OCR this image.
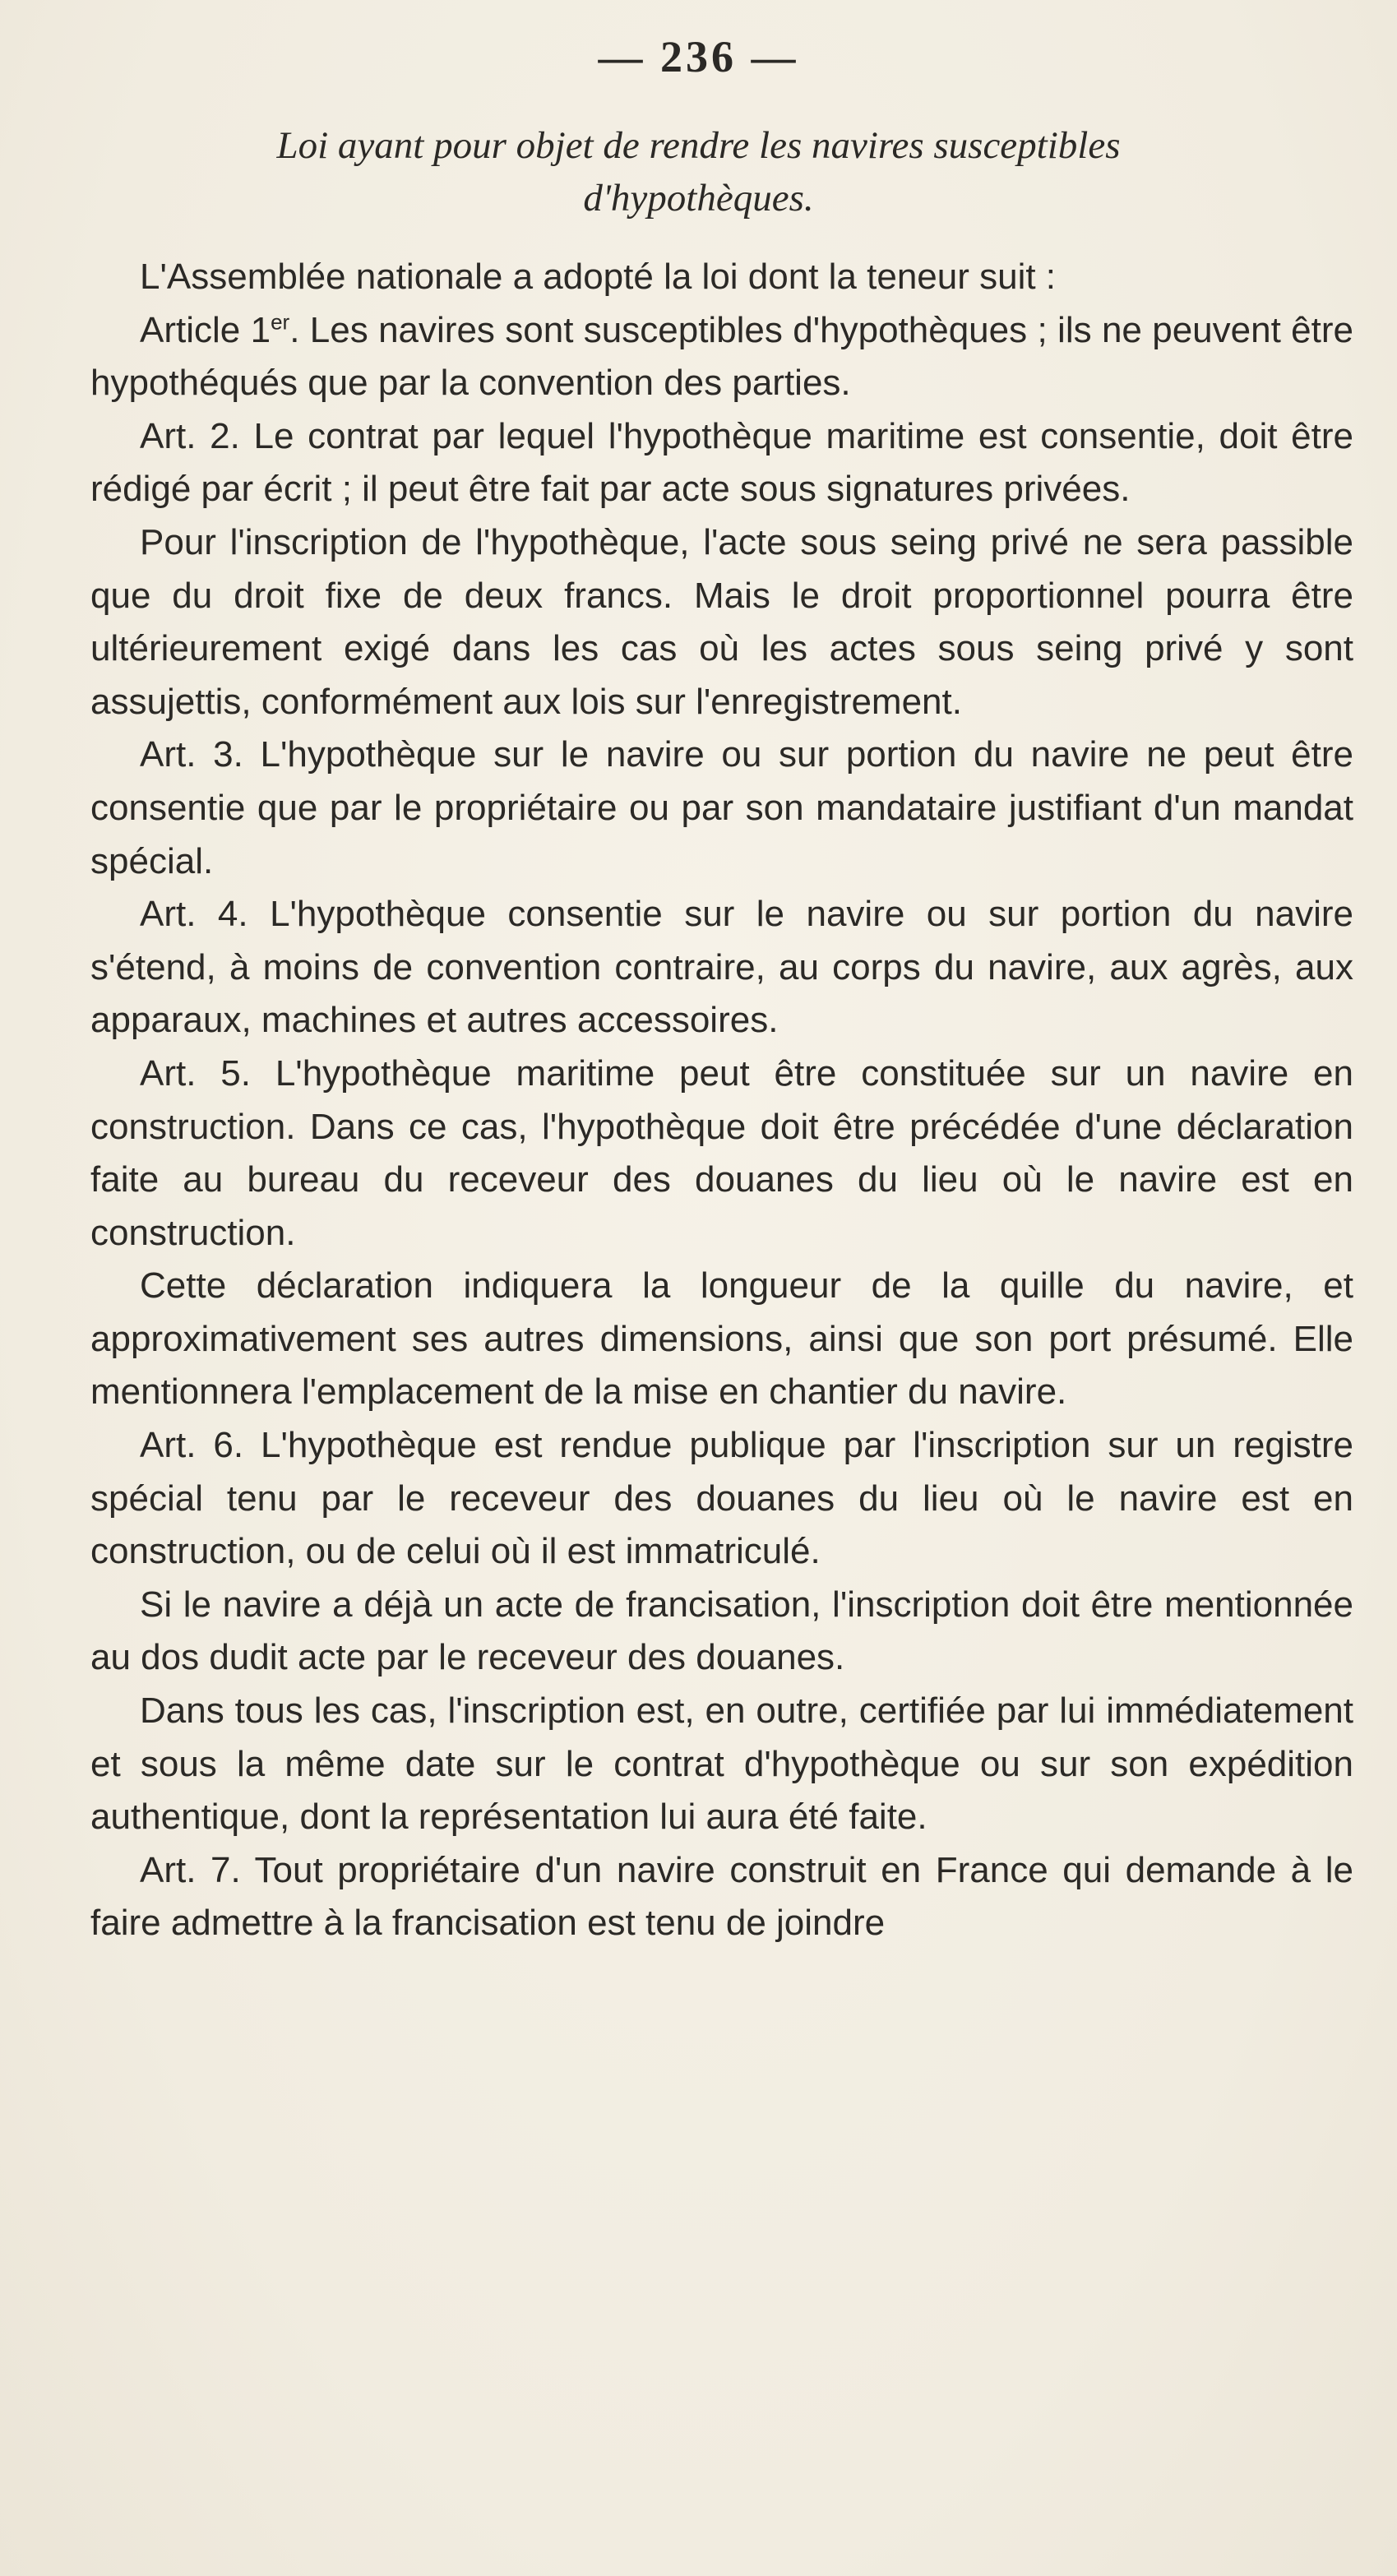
— 236 —
Loi ayant pour objet de rendre les navires susceptibles
d'hypothèques.

L'Assemblée nationale a adopté la loi dont la teneur suit :

Article 1er. Les navires sont susceptibles d'hypothèques ; ils ne peuvent être hypothéqués que par la convention des parties.

Art. 2. Le contrat par lequel l'hypothèque maritime est consentie, doit être rédigé par écrit ; il peut être fait par acte sous signatures privées.

Pour l'inscription de l'hypothèque, l'acte sous seing privé ne sera passible que du droit fixe de deux francs. Mais le droit proportionnel pourra être ultérieurement exigé dans les cas où les actes sous seing privé y sont assujettis, conformément aux lois sur l'enregistrement.

Art. 3. L'hypothèque sur le navire ou sur portion du navire ne peut être consentie que par le propriétaire ou par son mandataire justifiant d'un mandat spécial.

Art. 4. L'hypothèque consentie sur le navire ou sur portion du navire s'étend, à moins de convention contraire, au corps du navire, aux agrès, aux apparaux, machines et autres accessoires.

Art. 5. L'hypothèque maritime peut être constituée sur un navire en construction. Dans ce cas, l'hypothèque doit être précédée d'une déclaration faite au bureau du receveur des douanes du lieu où le navire est en construction.

Cette déclaration indiquera la longueur de la quille du navire, et approximativement ses autres dimensions, ainsi que son port présumé. Elle mentionnera l'emplacement de la mise en chantier du navire.

Art. 6. L'hypothèque est rendue publique par l'inscription sur un registre spécial tenu par le receveur des douanes du lieu où le navire est en construction, ou de celui où il est immatriculé.

Si le navire a déjà un acte de francisation, l'inscription doit être mentionnée au dos dudit acte par le receveur des douanes.

Dans tous les cas, l'inscription est, en outre, certifiée par lui immédiatement et sous la même date sur le contrat d'hypothèque ou sur son expédition authentique, dont la représentation lui aura été faite.

Art. 7. Tout propriétaire d'un navire construit en France qui demande à le faire admettre à la francisation est tenu de joindre
